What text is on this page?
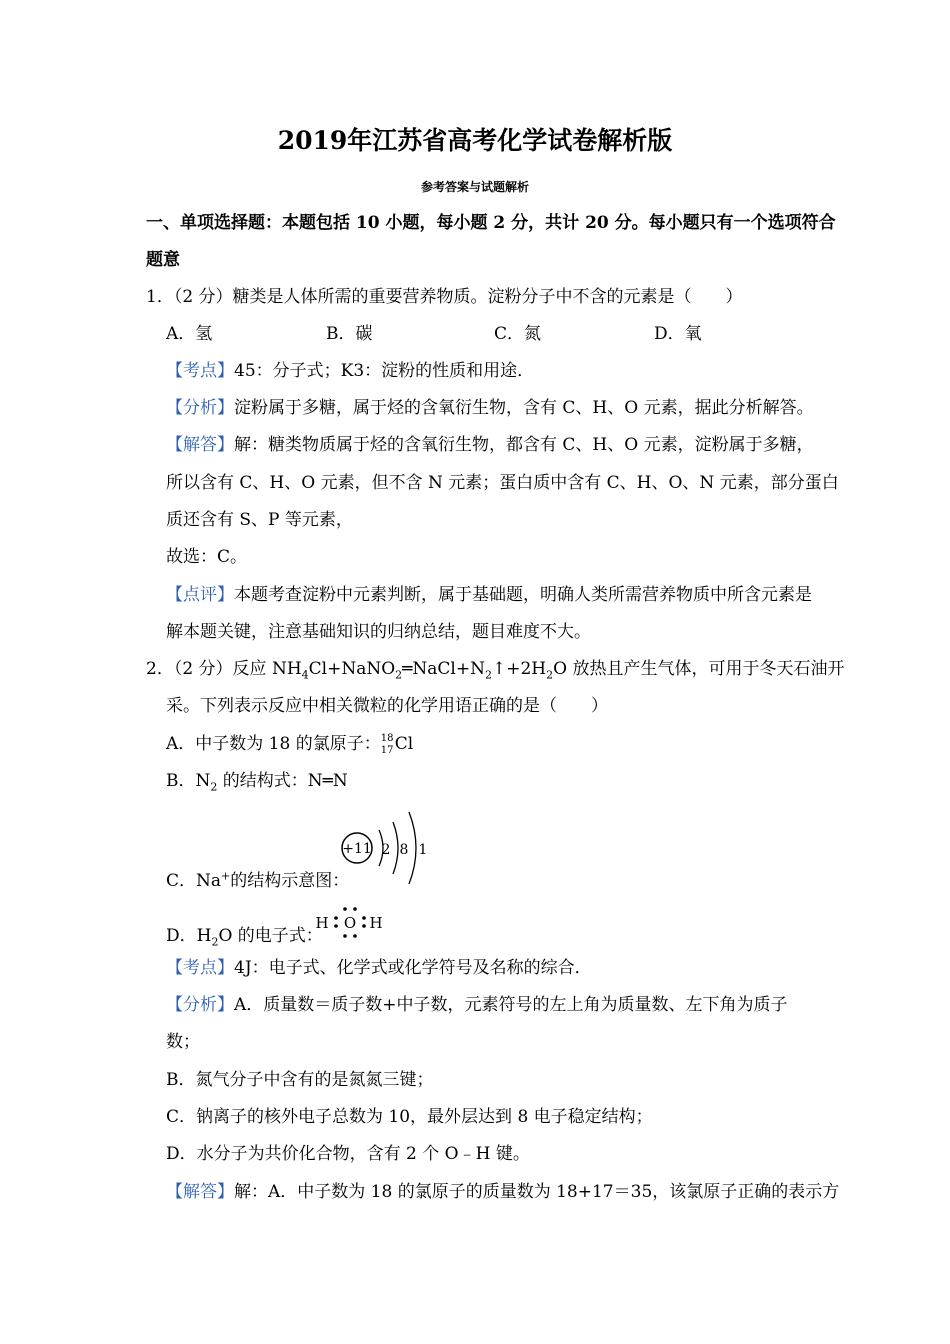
2019年江苏省高考化学试卷解析版
参考答案与试题解析
一、单项选择题：本题包括 10 小题，每小题 2 分，共计 20 分。每小题只有一个选项符合
题意
1．（2 分）糖类是人体所需的重要营养物质。淀粉分子中不含的元素是（　　）
A．氢	B．碳	C．氮	D．氧
【考点】45：分子式；K3：淀粉的性质和用途．
【分析】淀粉属于多糖，属于烃的含氧衍生物，含有 C、H、O 元素，据此分析解答。
【解答】解：糖类物质属于烃的含氧衍生物，都含有 C、H、O 元素，淀粉属于多糖，
所以含有 C、H、O 元素，但不含 N 元素；蛋白质中含有 C、H、O、N 元素，部分蛋白
质还含有 S、P 等元素，
故选：C。
【点评】本题考查淀粉中元素判断，属于基础题，明确人类所需营养物质中所含元素是
解本题关键，注意基础知识的归纳总结，题目难度不大。
2．（2 分）反应 $NH_4Cl+NaNO_2═NaCl+N_2↑+2H_2O$ 放热且产生气体，可用于冬天石油开
采。下列表示反应中相关微粒的化学用语正确的是（　　）
A．中子数为 18 的氯原子： 18
17 Cl
B．$N_2$ 的结构式：N═N
+11 2 8 1
C．Na+的结构示意图：
H O H
D．$H_2O$ 的电子式：
【考点】4J：电子式、化学式或化学符号及名称的综合．
【分析】A．质量数＝质子数+中子数，元素符号的左上角为质量数、左下角为质子
数；
B．氮气分子中含有的是氮氮三键；
C．钠离子的核外电子总数为 10，最外层达到 8 电子稳定结构；
D．水分子为共价化合物，含有 2 个 O﹣H 键。
【解答】解：A．中子数为 18 的氯原子的质量数为 18+17＝35，该氯原子正确的表示方
